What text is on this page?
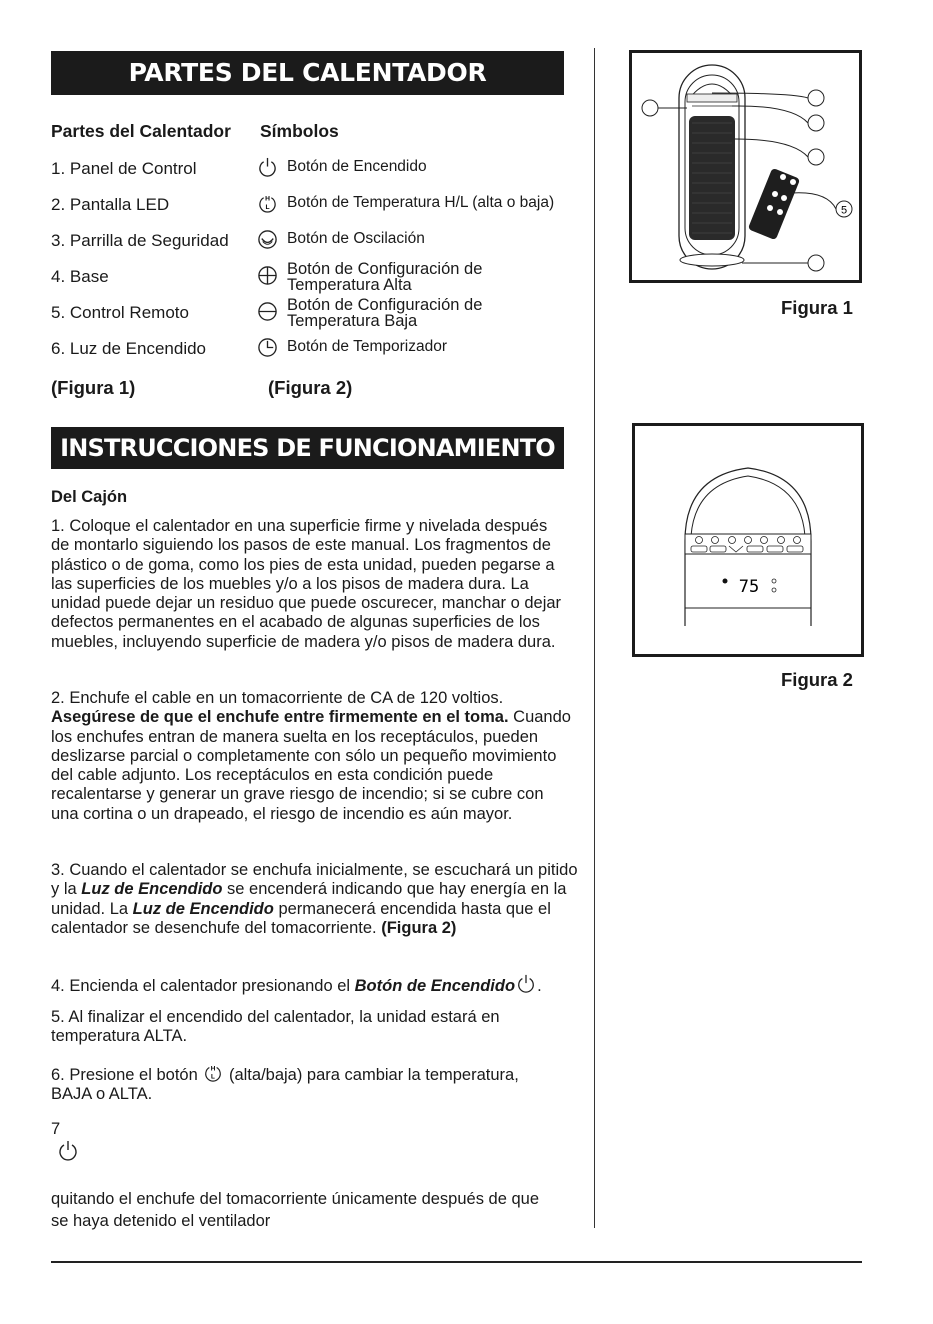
PARTES DEL CALENTADOR
INSTRUCCIONES DE FUNCIONAMIENTO
Partes del Calentador Símbolos
1. Panel de Control
2. Pantalla LED
3. Parrilla de Seguridad
4. Base
5. Control Remoto
6. Luz de Encendido
Botón de Encendido
H
L Botón de Temperatura H/L (alta o baja)
Botón de Oscilación
Botón de Configuración de Temperatura Alta
Botón de Configuración de Temperatura Baja
Botón de Temporizador
(Figura 1)	(Figura 2)
Del Cajón
1. Coloque el calentador en una superficie firme y nivelada después de montarlo siguiendo los pasos de este manual. Los fragmentos de plástico o de goma, como los pies de esta unidad, pueden pegarse a las superficies de los muebles y/o a los pisos de madera dura. La unidad puede dejar un residuo que puede oscurecer, manchar o dejar defectos permanentes en el acabado de algunas superficies de los muebles, incluyendo superficie de madera y/o pisos de madera dura.
2. Enchufe el cable en un tomacorriente de CA de 120 voltios. Asegúrese de que el enchufe entre firmemente en el toma. Cuando los enchufes entran de manera suelta en los receptáculos, pueden deslizarse parcial o completamente con sólo un pequeño movimiento del cable adjunto. Los receptáculos en esta condición puede recalentarse y generar un grave riesgo de incendio; si se cubre con una cortina o un drapeado, el riesgo de incendio es aún mayor.
3. Cuando el calentador se enchufa inicialmente, se escuchará un pitido y la Luz de Encendido se encenderá indicando que hay energía en la unidad. La Luz de Encendido permanecerá encendida hasta que el calentador se desenchufe del tomacorriente. (Figura 2)
4. Encienda el calentador presionando el Botón de Encendido .
5. Al finalizar el encendido del calentador, la unidad estará en temperatura ALTA.
6. Presione el botón H
L (alta/baja) para cambiar la temperatura, BAJA o ALTA.
7
quitando el enchufe del tomacorriente únicamente después de que se haya detenido el ventilador
5
Figura 1
75
Figura 2
